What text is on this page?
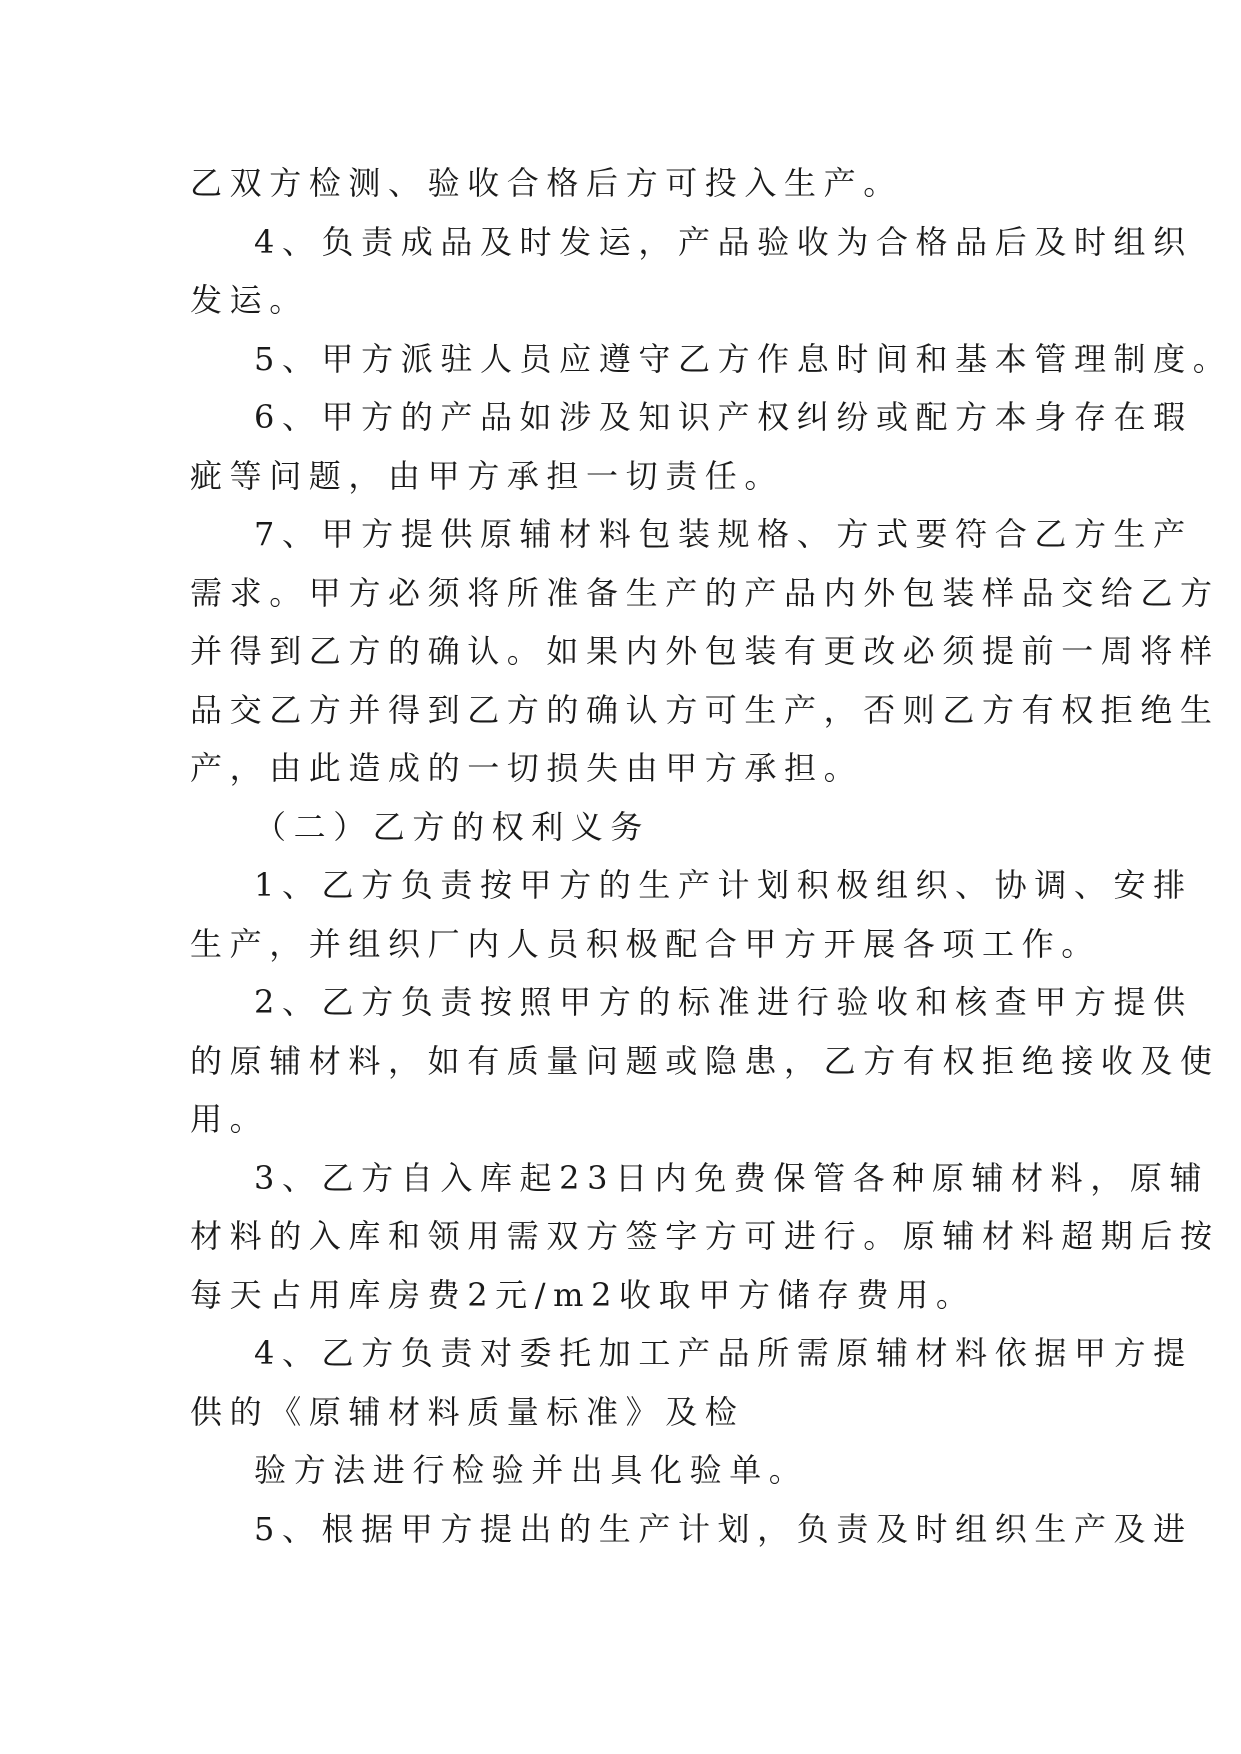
乙双方检测、验收合格后方可投入生产。
4、负责成品及时发运，产品验收为合格品后及时组织
发运。
5、甲方派驻人员应遵守乙方作息时间和基本管理制度。
6、甲方的产品如涉及知识产权纠纷或配方本身存在瑕
疵等问题，由甲方承担一切责任。
7、甲方提供原辅材料包装规格、方式要符合乙方生产
需求。甲方必须将所准备生产的产品内外包装样品交给乙方
并得到乙方的确认。如果内外包装有更改必须提前一周将样
品交乙方并得到乙方的确认方可生产，否则乙方有权拒绝生
产，由此造成的一切损失由甲方承担。
（二）乙方的权利义务
1、乙方负责按甲方的生产计划积极组织、协调、安排
生产，并组织厂内人员积极配合甲方开展各项工作。
2、乙方负责按照甲方的标准进行验收和核查甲方提供
的原辅材料，如有质量问题或隐患，乙方有权拒绝接收及使
用。
3、乙方自入库起23日内免费保管各种原辅材料，原辅
材料的入库和领用需双方签字方可进行。原辅材料超期后按
每天占用库房费2元/m2收取甲方储存费用。
4、乙方负责对委托加工产品所需原辅材料依据甲方提
供的《原辅材料质量标准》及检
验方法进行检验并出具化验单。
5、根据甲方提出的生产计划，负责及时组织生产及进
